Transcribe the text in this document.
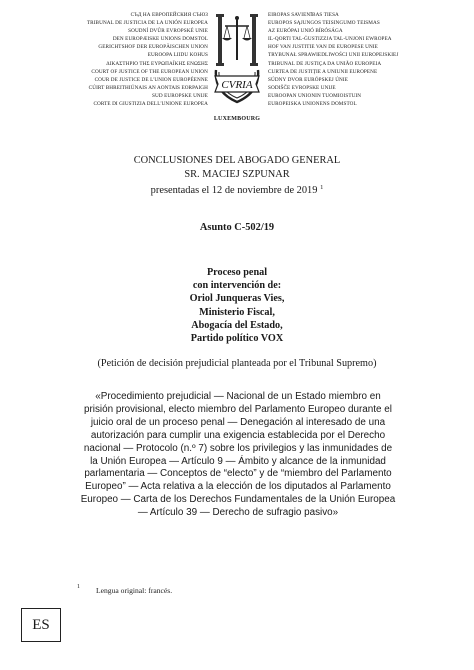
СЪД НА ЕВРОПЕЙСКИЯ СЪЮЗ
TRIBUNAL DE JUSTICIA DE LA UNIÓN EUROPEA
SOUDNÍ DVŮR EVROPSKÉ UNIE
DEN EUROPÆISKE UNIONS DOMSTOL
GERICHTSHOF DER EUROPÄISCHEN UNION
EUROOPA LIIDU KOHUS
ΔΙΚΑΣΤΗΡΙΟ ΤΗΣ ΕΥΡΩΠΑΪΚΗΣ ΕΝΩΣΗΣ
COURT OF JUSTICE OF THE EUROPEAN UNION
COUR DE JUSTICE DE L'UNION EUROPÉENNE
CÚIRT BHREITHIÚNAIS AN AONTAIS EORPAIGH
SUD EUROPSKE UNIJE
CORTE DI GIUSTIZIA DELL'UNIONE EUROPEA
CVRIA
LUXEMBOURG
EIROPAS SAVIENĪBAS TIESA
EUROPOS SĄJUNGOS TEISINGUMO TEISMAS
AZ EURÓPAI UNIÓ BÍRÓSÁGA
IL-QORTI TAL-ĠUSTIZZJA TAL-UNJONI EWROPEA
HOF VAN JUSTITIE VAN DE EUROPESE UNIE
TRYBUNAŁ SPRAWIEDLIWOŚCI UNII EUROPEJSKIEJ
TRIBUNAL DE JUSTIÇA DA UNIÃO EUROPEIA
CURTEA DE JUSTIȚIE A UNIUNII EUROPENE
SÚDNY DVOR EURÓPSKEJ ÚNIE
SODIŠČE EVROPSKE UNIJE
EUROOPAN UNIONIN TUOMIOISTUIN
EUROPEISKA UNIONENS DOMSTOL
CONCLUSIONES DEL ABOGADO GENERAL
SR. MACIEJ SZPUNAR
presentadas el 12 de noviembre de 2019 $^1$
Asunto C-502/19
Proceso penal
con intervención de:
Oriol Junqueras Vies,
Ministerio Fiscal,
Abogacía del Estado,
Partido político VOX
(Petición de decisión prejudicial planteada por el Tribunal Supremo)
«Procedimiento prejudicial — Nacional de un Estado miembro en prisión provisional, electo miembro del Parlamento Europeo durante el juicio oral de un proceso penal — Denegación al interesado de una autorización para cumplir una exigencia establecida por el Derecho nacional — Protocolo (n.º 7) sobre los privilegios y las inmunidades de la Unión Europea — Artículo 9 — Ámbito y alcance de la inmunidad parlamentaria — Conceptos de “electo” y de “miembro del Parlamento Europeo” — Acta relativa a la elección de los diputados al Parlamento Europeo — Carta de los Derechos Fundamentales de la Unión Europea — Artículo 39 — Derecho de sufragio pasivo»
1 Lengua original: francés.
ES
